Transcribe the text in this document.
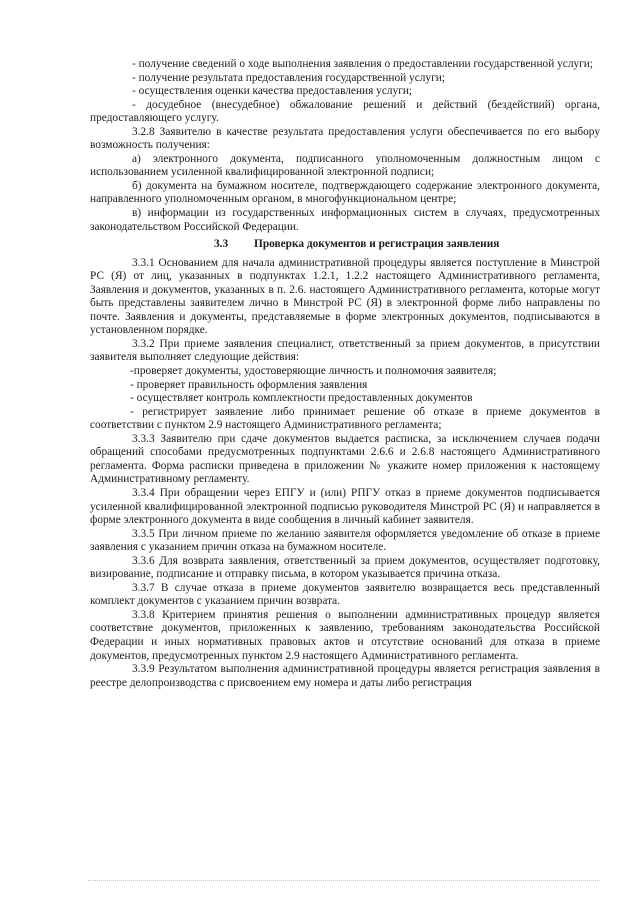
- получение сведений о ходе выполнения заявления о предоставлении государственной услуги;

- получение результата предоставления государственной услуги;

- осуществления оценки качества предоставления услуги;

- досудебное (внесудебное) обжалование решений и действий (бездействий) органа, предоставляющего услугу.

3.2.8 Заявителю в качестве результата предоставления услуги обеспечивается по его выбору возможность получения:

а) электронного документа, подписанного уполномоченным должностным лицом с использованием усиленной квалифицированной электронной подписи;

б) документа на бумажном носителе, подтверждающего содержание электронного документа, направленного уполномоченным органом, в многофункциональном центре;

в) информации из государственных информационных систем в случаях, предусмотренных законодательством Российской Федерации.

3.3 Проверка документов и регистрация заявления

3.3.1 Основанием для начала административной процедуры является поступление в Минстрой РС (Я) от лиц, указанных в подпунктах 1.2.1, 1.2.2 настоящего Административного регламента, Заявления и документов, указанных в п. 2.6. настоящего Административного регламента, которые могут быть представлены заявителем лично в Минстрой РС (Я) в электронной форме либо направлены по почте. Заявления и документы, представляемые в форме электронных документов, подписываются в установленном порядке.

3.3.2 При приеме заявления специалист, ответственный за прием документов, в присутствии заявителя выполняет следующие действия:

-проверяет документы, удостоверяющие личность и полномочия заявителя;

- проверяет правильность оформления заявления

- осуществляет контроль комплектности предоставленных документов

- регистрирует заявление либо принимает решение об отказе в приеме документов в соответствии с пунктом 2.9 настоящего Административного регламента;

3.3.3 Заявителю при сдаче документов выдается расписка, за исключением случаев подачи обращений способами предусмотренных подпунктами 2.6.6 и 2.6.8 настоящего Административного регламента. Форма расписки приведена в приложении № укажите номер приложения к настоящему Административному регламенту.

3.3.4 При обращении через ЕПГУ и (или) РПГУ отказ в приеме документов подписывается усиленной квалифицированной электронной подписью руководителя Минстрой РС (Я) и направляется в форме электронного документа в виде сообщения в личный кабинет заявителя.

3.3.5 При личном приеме по желанию заявителя оформляется уведомление об отказе в приеме заявления с указанием причин отказа на бумажном носителе.

3.3.6 Для возврата заявления, ответственный за прием документов, осуществляет подготовку, визирование, подписание и отправку письма, в котором указывается причина отказа.

3.3.7 В случае отказа в приеме документов заявителю возвращается весь представленный комплект документов с указанием причин возврата.

3.3.8 Критерием принятия решения о выполнении административных процедур является соответствие документов, приложенных к заявлению, требованиям законодательства Российской Федерации и иных нормативных правовых актов и отсутствие оснований для отказа в приеме документов, предусмотренных пунктом 2.9 настоящего Административного регламента.

3.3.9 Результатом выполнения административной процедуры является регистрация заявления в реестре делопроизводства с присвоением ему номера и даты либо регистрация
